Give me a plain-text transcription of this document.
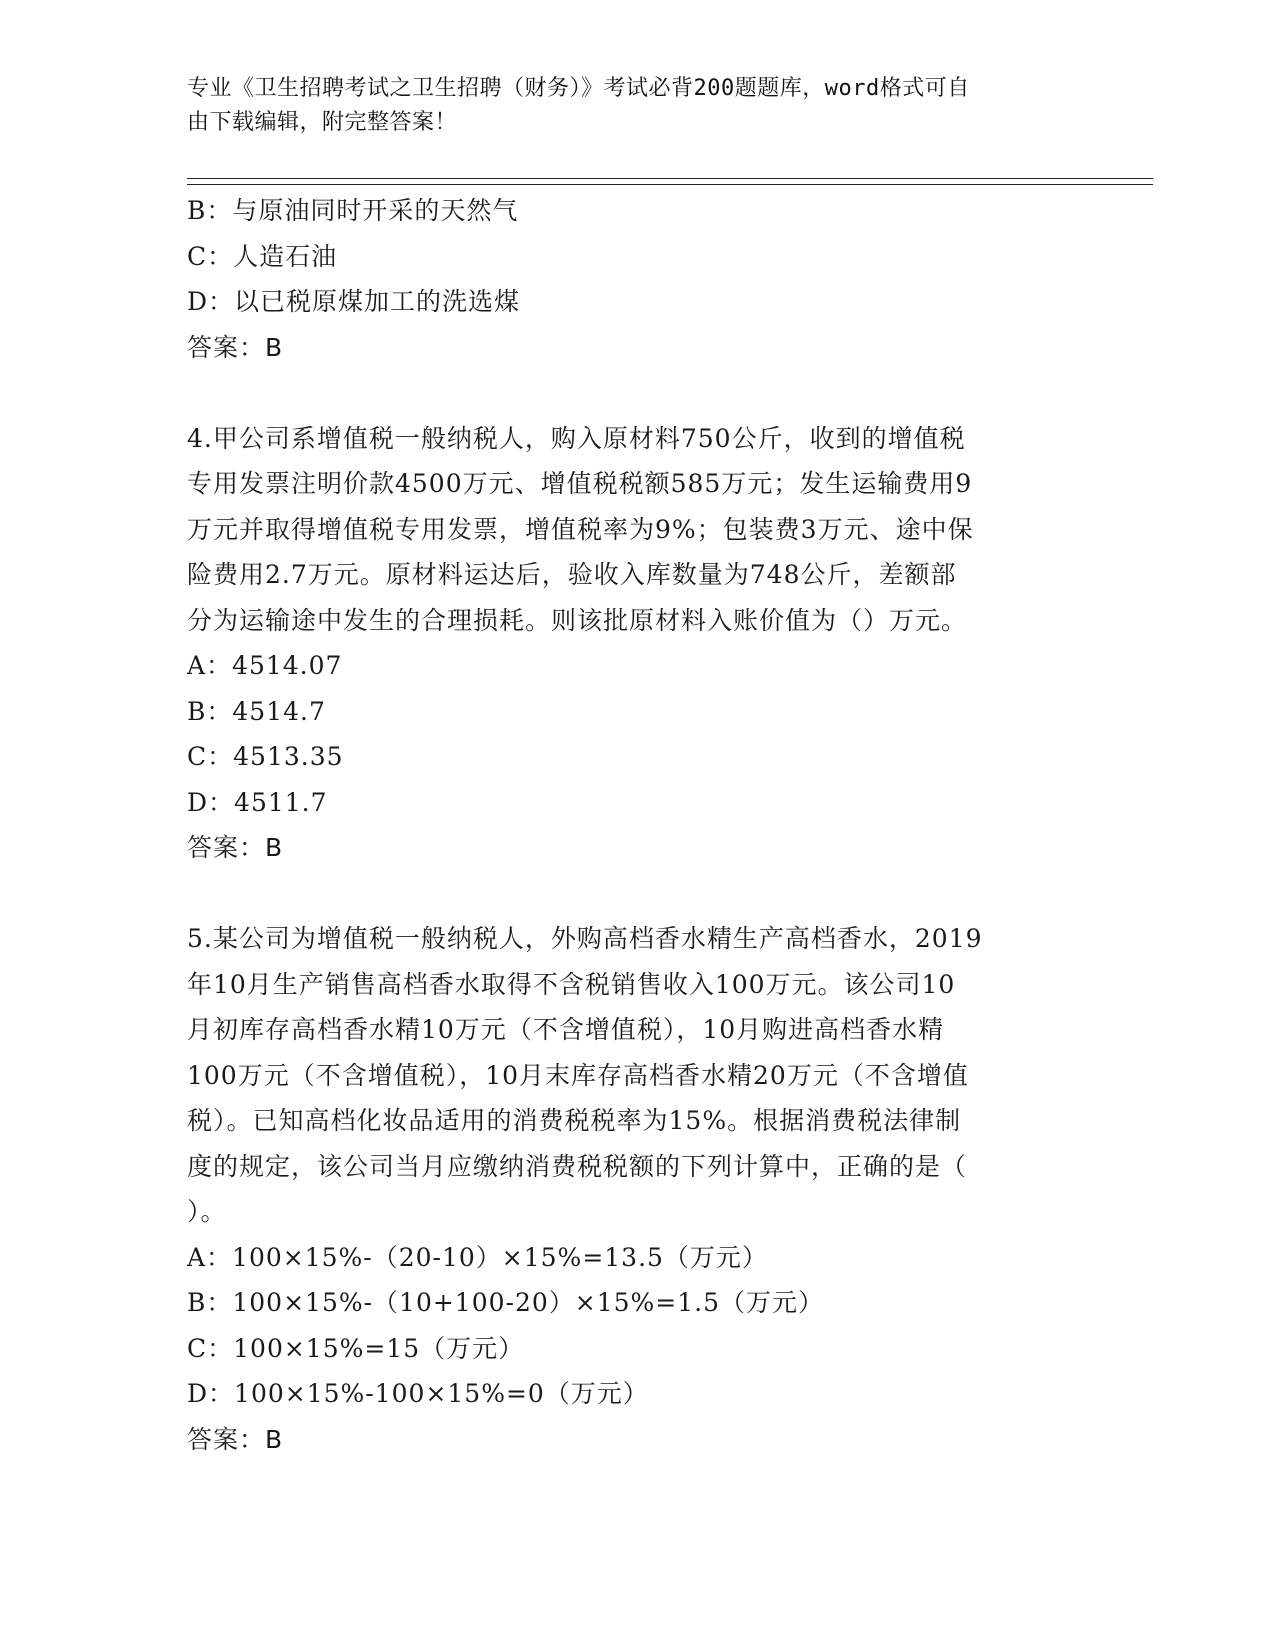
专业《卫生招聘考试之卫生招聘（财务）》考试必背200题题库，word格式可自
由下载编辑，附完整答案！
B：与原油同时开采的天然气
C：人造石油
D：以已税原煤加工的洗选煤
答案：B
4.甲公司系增值税一般纳税人，购入原材料750公斤，收到的增值税
专用发票注明价款4500万元、增值税税额585万元；发生运输费用9
万元并取得增值税专用发票，增值税率为9%；包装费3万元、途中保
险费用2.7万元。原材料运达后，验收入库数量为748公斤，差额部
分为运输途中发生的合理损耗。则该批原材料入账价值为（）万元。
A：4514.07
B：4514.7
C：4513.35
D：4511.7
答案：B
5.某公司为增值税一般纳税人，外购高档香水精生产高档香水，2019
年10月生产销售高档香水取得不含税销售收入100万元。该公司10
月初库存高档香水精10万元（不含增值税），10月购进高档香水精
100万元（不含增值税），10月末库存高档香水精20万元（不含增值
税）。已知高档化妆品适用的消费税税率为15%。根据消费税法律制
度的规定，该公司当月应缴纳消费税税额的下列计算中，正确的是（
）。
A：100×15%-（20-10）×15%=13.5（万元）
B：100×15%-（10+100-20）×15%=1.5（万元）
C：100×15%=15（万元）
D：100×15%-100×15%=0（万元）
答案：B
